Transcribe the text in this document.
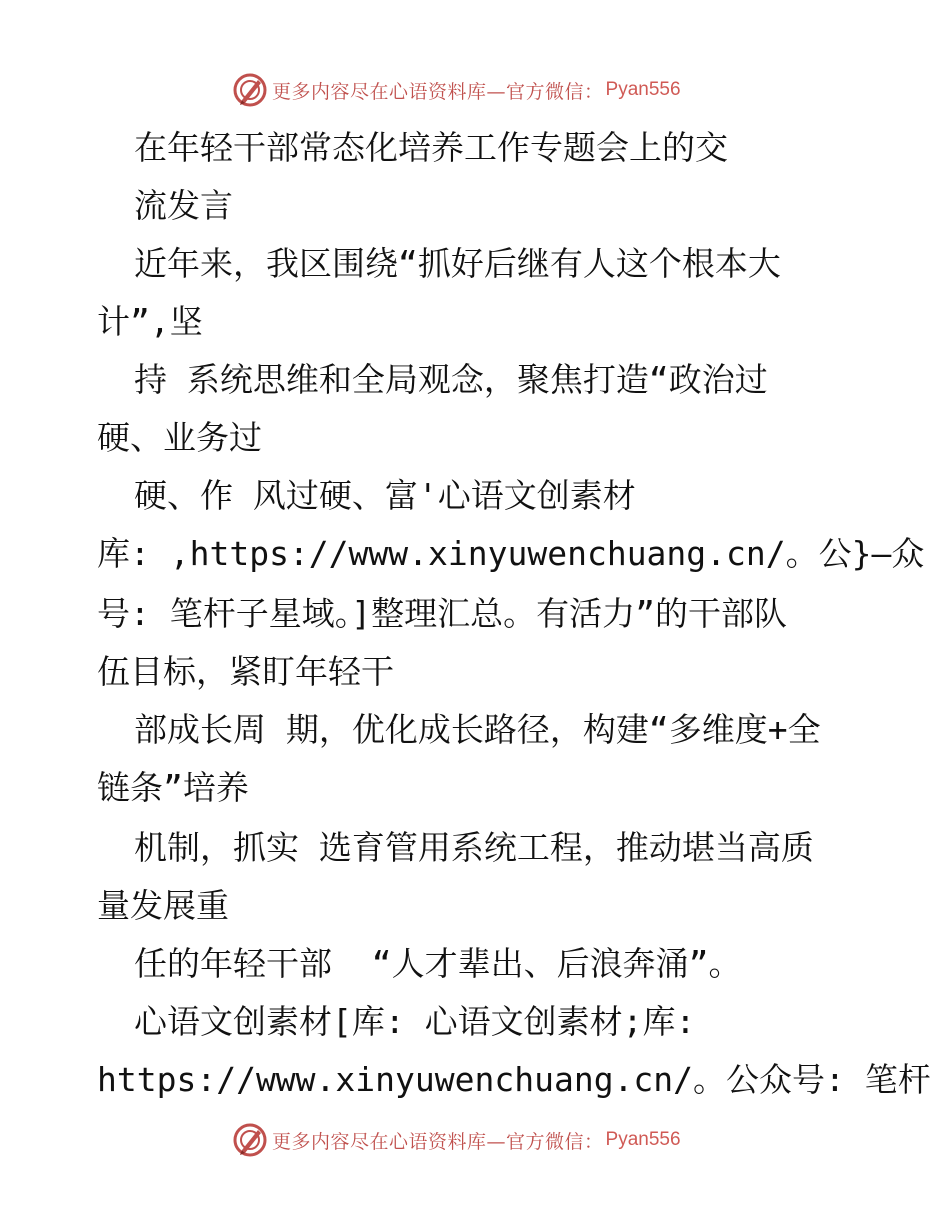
更多内容尽在心语资料库—官方微信： Pyan556
在年轻干部常态化培养工作专题会上的交
流发言
近年来，我区围绕“抓好后继有人这个根本大
计”,坚
持 系统思维和全局观念，聚焦打造“政治过
硬、业务过
硬、作 风过硬、富'心语文创素材
库: ,https://www.xinyuwenchuang.cn/。公}—众
号: 笔杆子星域。]整理汇总。有活力”的干部队
伍目标，紧盯年轻干
部成长周 期，优化成长路径，构建“多维度+全
链条”培养
机制，抓实 选育管用系统工程，推动堪当高质
量发展重
任的年轻干部  “人才辈出、后浪奔涌”。
心语文创素材[库: 心语文创素材;库:
https://www.xinyuwenchuang.cn/。公众号: 笔杆
更多内容尽在心语资料库—官方微信： Pyan556
